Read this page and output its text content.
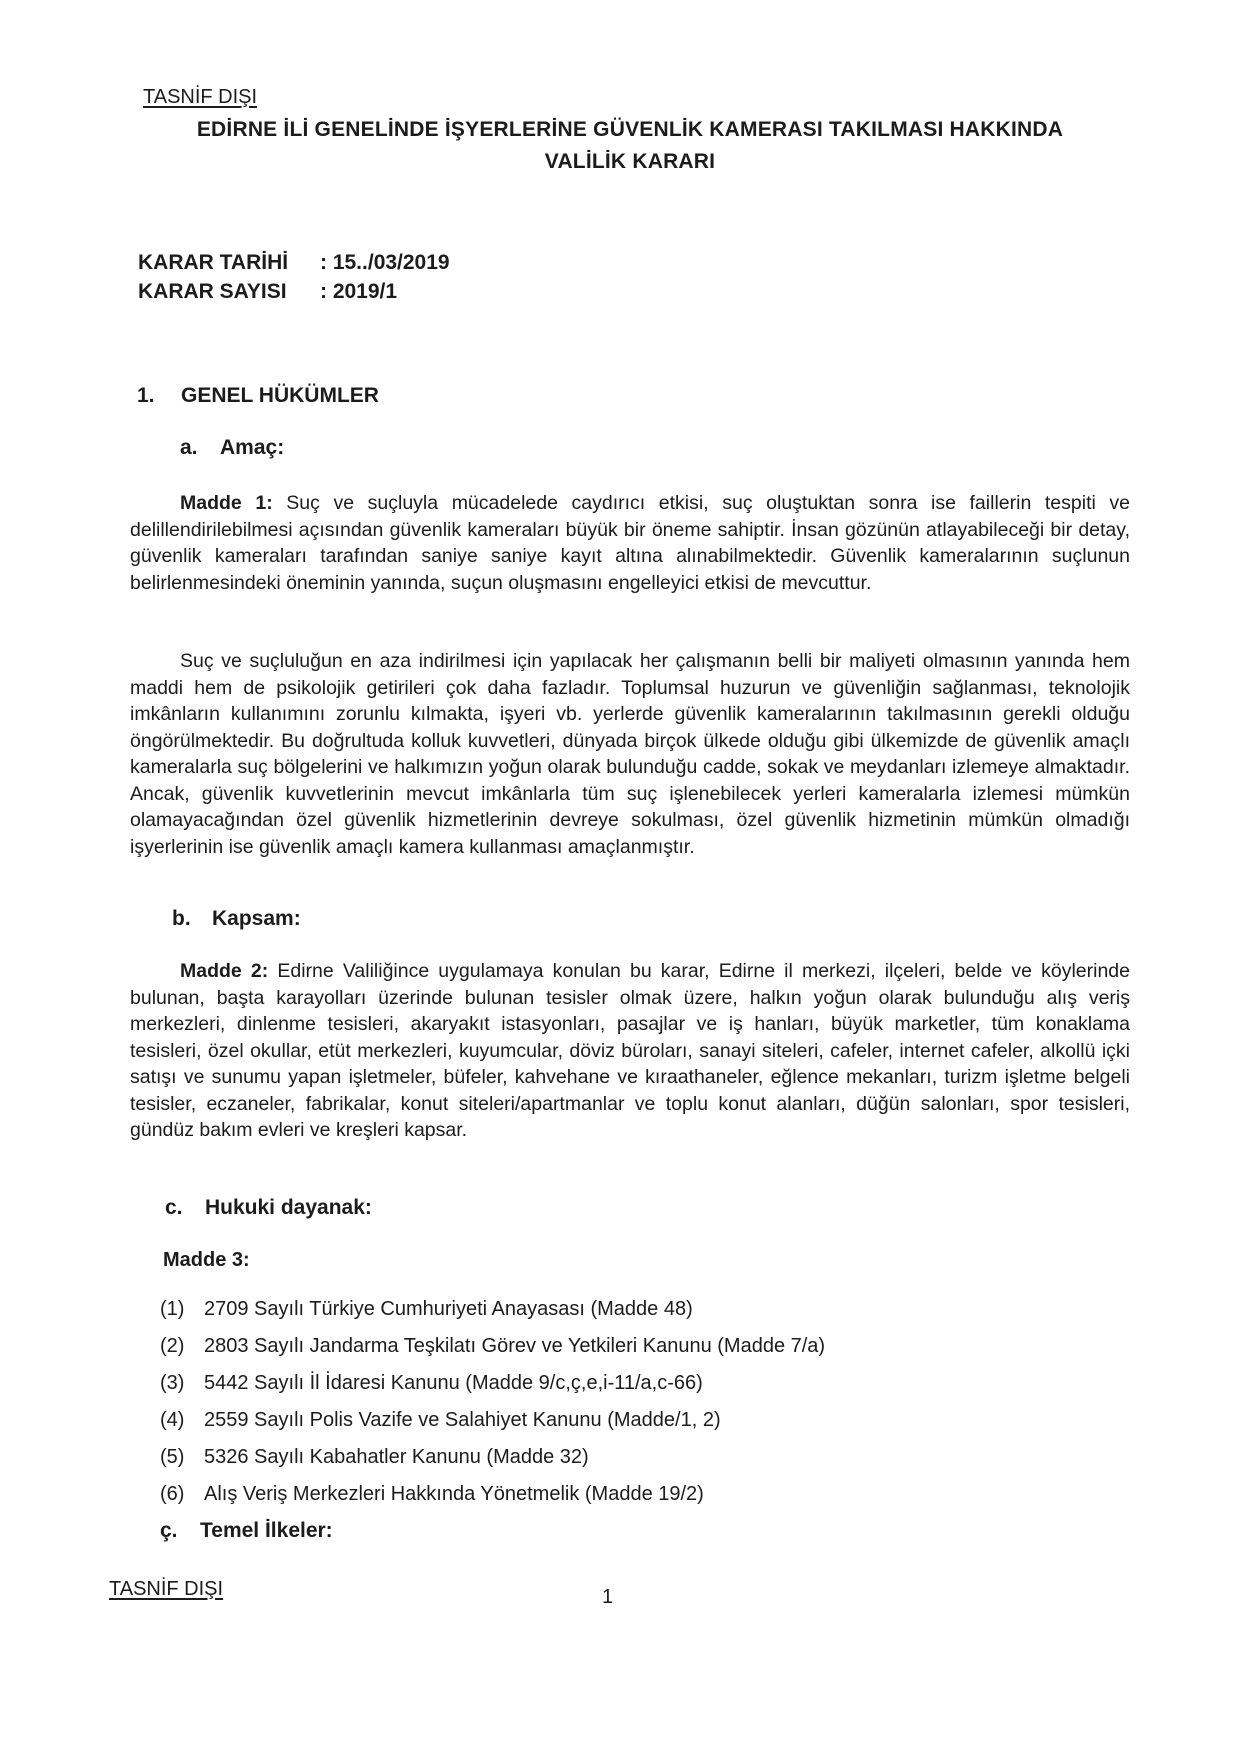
TASNİF DIŞI
EDİRNE İLİ GENELİNDE İŞYERLERİNE GÜVENLİK KAMERASI TAKILMASI HAKKINDA
VALİLİK KARARI
KARAR TARİHİ : 15../03/2019
KARAR SAYISI : 2019/1
1. GENEL HÜKÜMLER
a. Amaç:

Madde 1: Suç ve suçluyla mücadelede caydırıcı etkisi, suç oluştuktan sonra ise faillerin tespiti ve delillendirilebilmesi açısından güvenlik kameraları büyük bir öneme sahiptir. İnsan gözünün atlayabileceği bir detay, güvenlik kameraları tarafından saniye saniye kayıt altına alınabilmektedir. Güvenlik kameralarının suçlunun belirlenmesindeki öneminin yanında, suçun oluşmasını engelleyici etkisi de mevcuttur.

Suç ve suçluluğun en aza indirilmesi için yapılacak her çalışmanın belli bir maliyeti olmasının yanında hem maddi hem de psikolojik getirileri çok daha fazladır. Toplumsal huzurun ve güvenliğin sağlanması, teknolojik imkânların kullanımını zorunlu kılmakta, işyeri vb. yerlerde güvenlik kameralarının takılmasının gerekli olduğu öngörülmektedir. Bu doğrultuda kolluk kuvvetleri, dünyada birçok ülkede olduğu gibi ülkemizde de güvenlik amaçlı kameralarla suç bölgelerini ve halkımızın yoğun olarak bulunduğu cadde, sokak ve meydanları izlemeye almaktadır. Ancak, güvenlik kuvvetlerinin mevcut imkânlarla tüm suç işlenebilecek yerleri kameralarla izlemesi mümkün olamayacağından özel güvenlik hizmetlerinin devreye sokulması, özel güvenlik hizmetinin mümkün olmadığı işyerlerinin ise güvenlik amaçlı kamera kullanması amaçlanmıştır.

b. Kapsam:

Madde 2: Edirne Valiliğince uygulamaya konulan bu karar, Edirne il merkezi, ilçeleri, belde ve köylerinde bulunan, başta karayolları üzerinde bulunan tesisler olmak üzere, halkın yoğun olarak bulunduğu alış veriş merkezleri, dinlenme tesisleri, akaryakıt istasyonları, pasajlar ve iş hanları, büyük marketler, tüm konaklama tesisleri, özel okullar, etüt merkezleri, kuyumcular, döviz büroları, sanayi siteleri, cafeler, internet cafeler, alkollü içki satışı ve sunumu yapan işletmeler, büfeler, kahvehane ve kıraathaneler, eğlence mekanları, turizm işletme belgeli tesisler, eczaneler, fabrikalar, konut siteleri/apartmanlar ve toplu konut alanları, düğün salonları, spor tesisleri, gündüz bakım evleri ve kreşleri kapsar.

c. Hukuki dayanak:
Madde 3:
(1) 2709 Sayılı Türkiye Cumhuriyeti Anayasası (Madde 48)
(2) 2803 Sayılı Jandarma Teşkilatı Görev ve Yetkileri Kanunu (Madde 7/a)
(3) 5442 Sayılı İl İdaresi Kanunu (Madde 9/c,ç,e,i-11/a,c-66)
(4) 2559 Sayılı Polis Vazife ve Salahiyet Kanunu (Madde/1, 2)
(5) 5326 Sayılı Kabahatler Kanunu (Madde 32)
(6) Alış Veriş Merkezleri Hakkında Yönetmelik (Madde 19/2)
ç. Temel İlkeler:
TASNİF DIŞI	1
